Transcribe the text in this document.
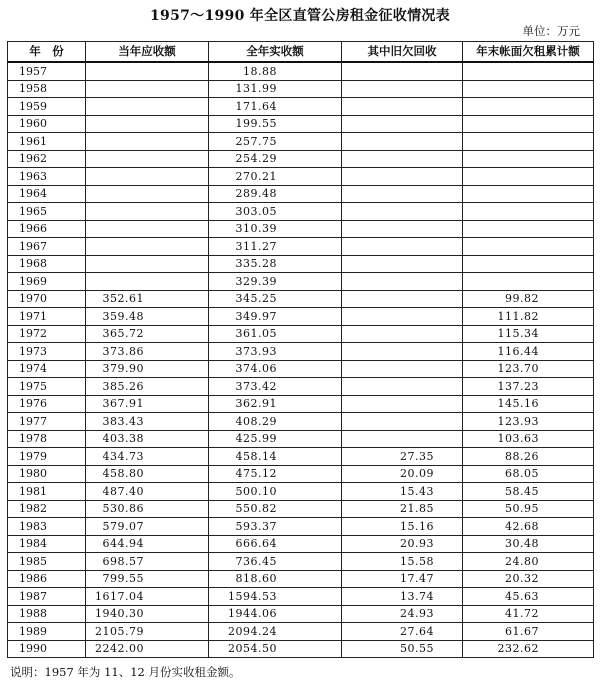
1957～1990 年全区直管公房租金征收情况表
单位：万元
年　份	当年应收额	全年实收额	其中旧欠回收	年末帐面欠租累计额
1957		18.88		
1958		131.99		
1959		171.64		
1960		199.55		
1961		257.75		
1962		254.29		
1963		270.21		
1964		289.48		
1965		303.05		
1966		310.39		
1967		311.27		
1968		335.28		
1969		329.39		
1970	352.61	345.25		99.82
1971	359.48	349.97		111.82
1972	365.72	361.05		115.34
1973	373.86	373.93		116.44
1974	379.90	374.06		123.70
1975	385.26	373.42		137.23
1976	367.91	362.91		145.16
1977	383.43	408.29		123.93
1978	403.38	425.99		103.63
1979	434.73	458.14	27.35	88.26
1980	458.80	475.12	20.09	68.05
1981	487.40	500.10	15.43	58.45
1982	530.86	550.82	21.85	50.95
1983	579.07	593.37	15.16	42.68
1984	644.94	666.64	20.93	30.48
1985	698.57	736.45	15.58	24.80
1986	799.55	818.60	17.47	20.32
1987	1617.04	1594.53	13.74	45.63
1988	1940.30	1944.06	24.93	41.72
1989	2105.79	2094.24	27.64	61.67
1990	2242.00	2054.50	50.55	232.62
说明：1957 年为 11、12 月份实收租金额。
